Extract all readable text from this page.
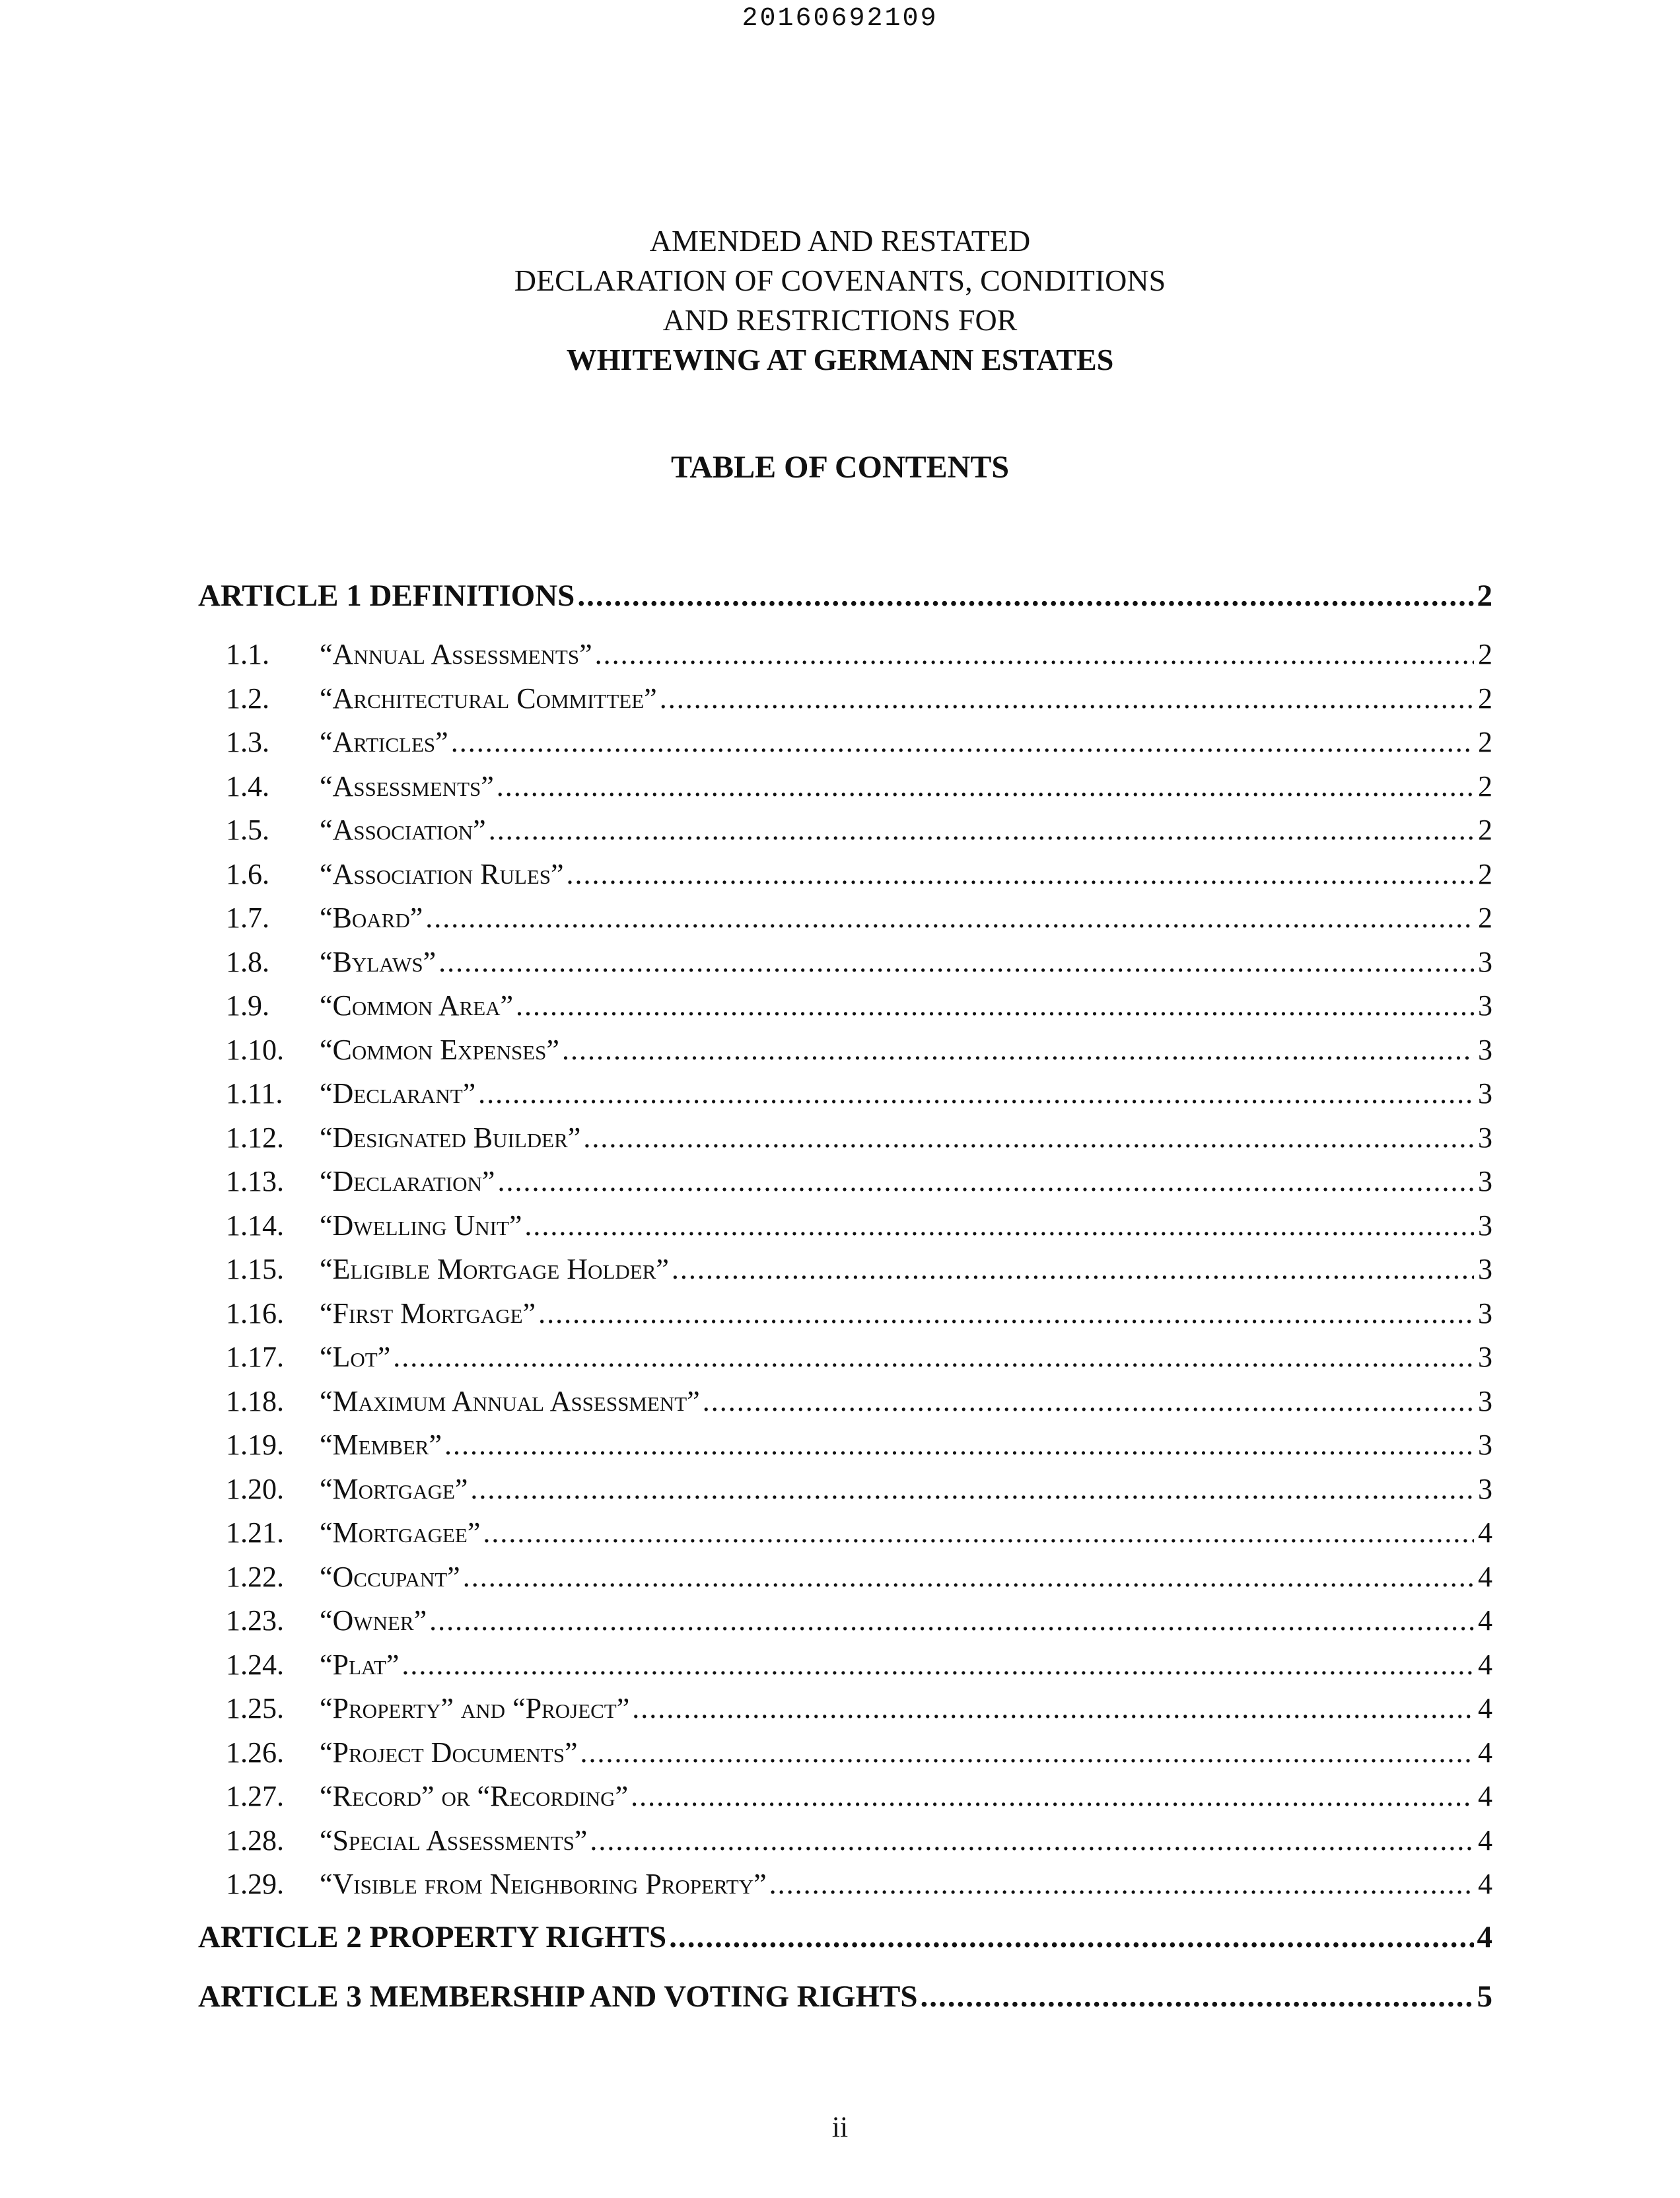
20160692109
AMENDED AND RESTATED
DECLARATION OF COVENANTS, CONDITIONS
AND RESTRICTIONS FOR
WHITEWING AT GERMANN ESTATES
TABLE OF CONTENTS
ARTICLE 1 DEFINITIONS .....	2
1.1.	“Annual Assessments” .....	2
1.2.	“Architectural Committee” .....	2
1.3.	“Articles” .....	2
1.4.	“Assessments” .....	2
1.5.	“Association” .....	2
1.6.	“Association Rules” .....	2
1.7.	“Board” .....	2
1.8.	“Bylaws” .....	3
1.9.	“Common Area” .....	3
1.10.	“Common Expenses” .....	3
1.11.	“Declarant” .....	3
1.12.	“Designated Builder” .....	3
1.13.	“Declaration” .....	3
1.14.	“Dwelling Unit” .....	3
1.15.	“Eligible Mortgage Holder” .....	3
1.16.	“First Mortgage” .....	3
1.17.	“Lot” .....	3
1.18.	“Maximum Annual Assessment” .....	3
1.19.	“Member” .....	3
1.20.	“Mortgage” .....	3
1.21.	“Mortgagee” .....	4
1.22.	“Occupant” .....	4
1.23.	“Owner” .....	4
1.24.	“Plat” .....	4
1.25.	“Property” and “Project” .....	4
1.26.	“Project Documents” .....	4
1.27.	“Record” or “Recording” .....	4
1.28.	“Special Assessments” .....	4
1.29.	“Visible from Neighboring Property” .....	4
ARTICLE 2 PROPERTY RIGHTS .....	4
ARTICLE 3 MEMBERSHIP AND VOTING RIGHTS .....	5
ii
